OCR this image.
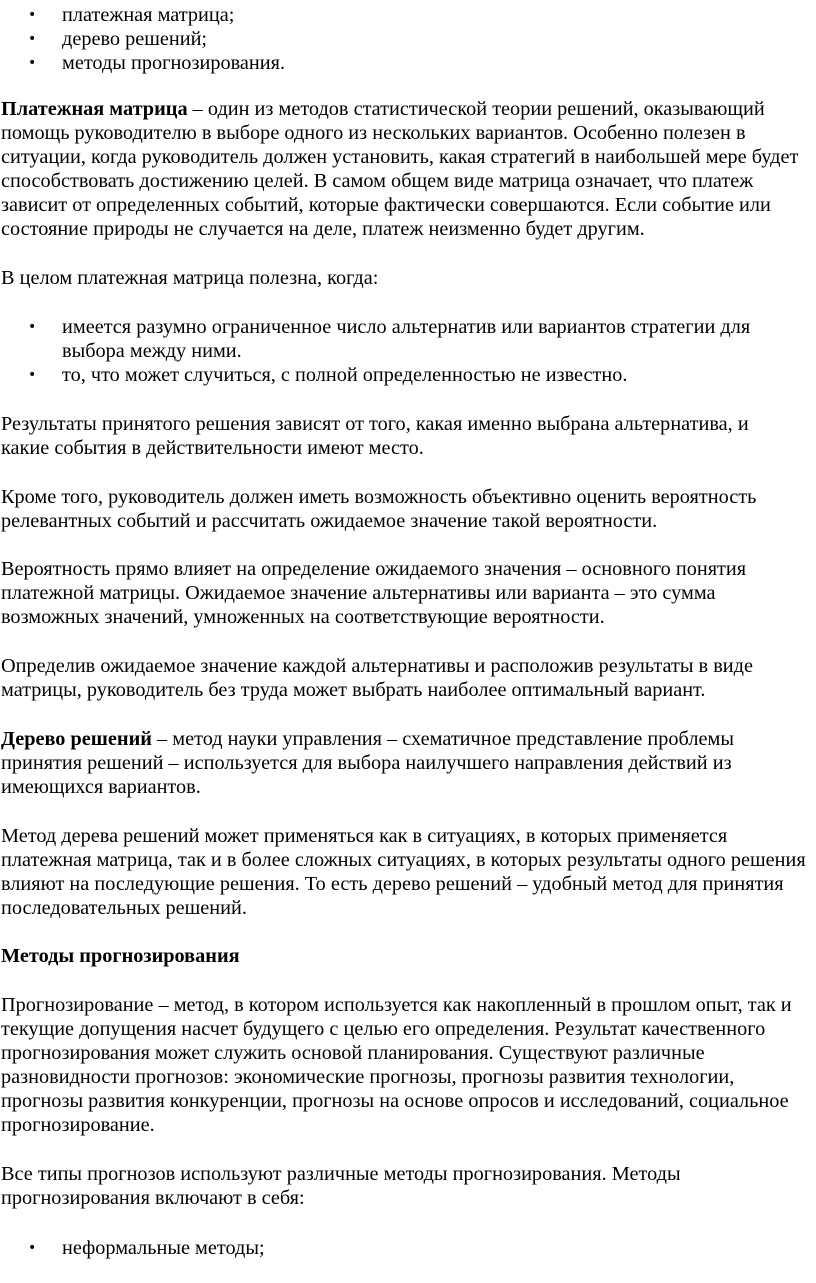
• платежная матрица;
• дерево решений;
• методы прогнозирования.

Платежная матрица – один из методов статистической теории решений, оказывающий помощь руководителю в выборе одного из нескольких вариантов. Особенно полезен в ситуации, когда руководитель должен установить, какая стратегий в наибольшей мере будет способствовать достижению целей. В самом общем виде матрица означает, что платеж зависит от определенных событий, которые фактически совершаются. Если событие или состояние природы не случается на деле, платеж неизменно будет другим.

В целом платежная матрица полезна, когда:

• имеется разумно ограниченное число альтернатив или вариантов стратегии для выбора между ними.
• то, что может случиться, с полной определенностью не известно.

Результаты принятого решения зависят от того, какая именно выбрана альтернатива, и какие события в действительности имеют место.

Кроме того, руководитель должен иметь возможность объективно оценить вероятность релевантных событий и рассчитать ожидаемое значение такой вероятности.

Вероятность прямо влияет на определение ожидаемого значения – основного понятия платежной матрицы. Ожидаемое значение альтернативы или варианта – это сумма возможных значений, умноженных на соответствующие вероятности.

Определив ожидаемое значение каждой альтернативы и расположив результаты в виде матрицы, руководитель без труда может выбрать наиболее оптимальный вариант.

Дерево решений – метод науки управления – схематичное представление проблемы принятия решений – используется для выбора наилучшего направления действий из имеющихся вариантов.

Метод дерева решений может применяться как в ситуациях, в которых применяется платежная матрица, так и в более сложных ситуациях, в которых результаты одного решения влияют на последующие решения. То есть дерево решений – удобный метод для принятия последовательных решений.

Методы прогнозирования

Прогнозирование – метод, в котором используется как накопленный в прошлом опыт, так и текущие допущения насчет будущего с целью его определения. Результат качественного прогнозирования может служить основой планирования. Существуют различные разновидности прогнозов: экономические прогнозы, прогнозы развития технологии, прогнозы развития конкуренции, прогнозы на основе опросов и исследований, социальное прогнозирование.

Все типы прогнозов используют различные методы прогнозирования. Методы прогнозирования включают в себя:

• неформальные методы;
